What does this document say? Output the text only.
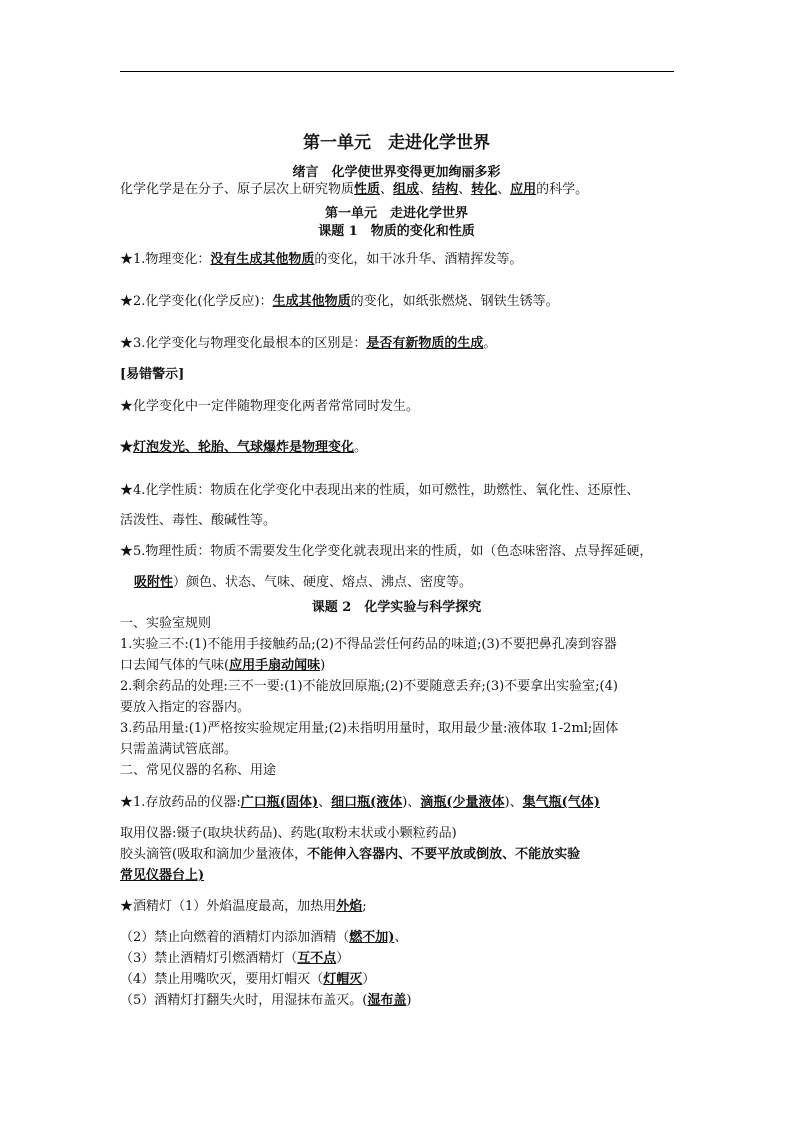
第一单元　走进化学世界
绪言　化学使世界变得更加绚丽多彩
化学化学是在分子、原子层次上研究物质性质、组成、结构、转化、应用的科学。
第一单元　走进化学世界
课题 1　物质的变化和性质
★1.物理变化：没有生成其他物质的变化，如干冰升华、酒精挥发等。
★2.化学变化(化学反应)：生成其他物质的变化，如纸张燃烧、钢铁生锈等。
★3.化学变化与物理变化最根本的区别是：是否有新物质的生成。
[易错警示]
★化学变化中一定伴随物理变化两者常常同时发生。
★灯泡发光、轮胎、气球爆炸是物理变化。
★4.化学性质：物质在化学变化中表现出来的性质，如可燃性，助燃性、氧化性、还原性、
活泼性、毒性、酸碱性等。
★5.物理性质：物质不需要发生化学变化就表现出来的性质，如（色态味密溶、点导挥延硬，
吸附性）颜色、状态、气味、硬度、熔点、沸点、密度等。
课题 2　化学实验与科学探究
一、实验室规则
1.实验三不:(1)不能用手接触药品;(2)不得品尝任何药品的味道;(3)不要把鼻孔凑到容器
口去闻气体的气味(应用手扇动闻味)
2.剩余药品的处理:三不一要:(1)不能放回原瓶;(2)不要随意丢弃;(3)不要拿出实验室;(4)
要放入指定的容器内。
3.药品用量:(1)严格按实验规定用量;(2)未指明用量时，取用最少量:液体取 1-2ml;固体
只需盖满试管底部。
二、常见仪器的名称、用途
★1.存放药品的仪器:广口瓶(固体)、细口瓶(液体)、滴瓶(少量液体)、集气瓶(气体)
取用仪器:镊子(取块状药品)、药匙(取粉末状或小颗粒药品)
胶头滴管(吸取和滴加少量液体，不能伸入容器内、不要平放或倒放、不能放实验
常见仪器台上)
★酒精灯（1）外焰温度最高，加热用外焰;
（2）禁止向燃着的酒精灯内添加酒精（燃不加)、
（3）禁止酒精灯引燃酒精灯（互不点）
（4）禁止用嘴吹灭，要用灯帽灭（灯帽灭）
（5）酒精灯打翻失火时，用湿抹布盖灭。(湿布盖)
